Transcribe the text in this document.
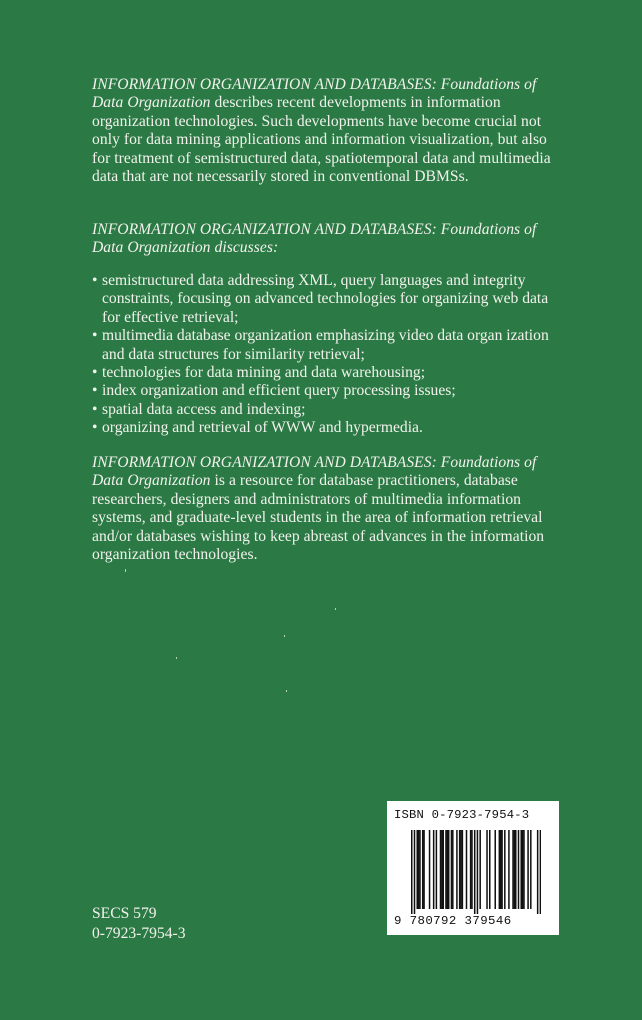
INFORMATION ORGANIZATION AND DATABASES: Foundations of Data Organization describes recent developments in information organization technologies. Such developments have become crucial not only for data mining applications and information visualization, but also for treatment of semistructured data, spatiotemporal data and multimedia data that are not necessarily stored in conventional DBMSs.

INFORMATION ORGANIZATION AND DATABASES: Foundations of Data Organization discusses:

• semistructured data addressing XML, query languages and integrity constraints, focusing on advanced technologies for organizing web data for effective retrieval;
• multimedia database organization emphasizing video data organ ization and data structures for similarity retrieval;
• technologies for data mining and data warehousing;
• index organization and efficient query processing issues;
• spatial data access and indexing;
• organizing and retrieval of WWW and hypermedia.

INFORMATION ORGANIZATION AND DATABASES: Foundations of Data Organization is a resource for database practitioners, database researchers, designers and administrators of multimedia information systems, and graduate-level students in the area of information retrieval and/or databases wishing to keep abreast of advances in the information organization technologies.

SECS 579
0-7923-7954-3
ISBN 0-7923-7954-3
9 780792 379546
